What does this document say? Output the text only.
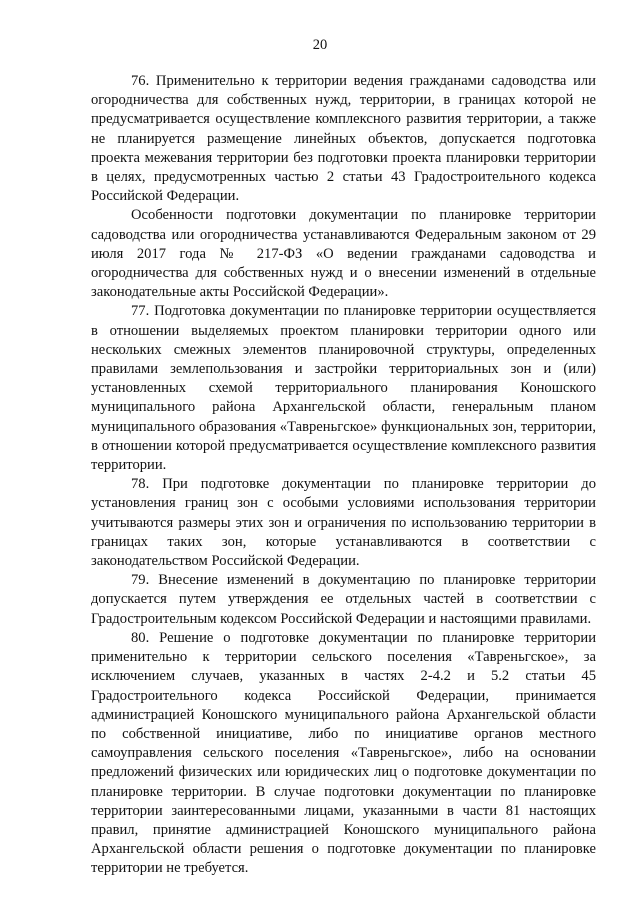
20

76. Применительно к территории ведения гражданами садоводства или огородничества для собственных нужд, территории, в границах которой не предусматривается осуществление комплексного развития территории, а также не планируется размещение линейных объектов, допускается подготовка проекта межевания территории без подготовки проекта планировки территории в целях, предусмотренных частью 2 статьи 43 Градостроительного кодекса Российской Федерации.

Особенности подготовки документации по планировке территории садоводства или огородничества устанавливаются Федеральным законом от 29 июля 2017 года № 217-ФЗ «О ведении гражданами садоводства и огородничества для собственных нужд и о внесении изменений в отдельные законодательные акты Российской Федерации».

77. Подготовка документации по планировке территории осуществляется в отношении выделяемых проектом планировки территории одного или нескольких смежных элементов планировочной структуры, определенных правилами землепользования и застройки территориальных зон и (или) установленных схемой территориального планирования Коношского муниципального района Архангельской области, генеральным планом муниципального образования «Тавреньгское» функциональных зон, территории, в отношении которой предусматривается осуществление комплексного развития территории.

78. При подготовке документации по планировке территории до установления границ зон с особыми условиями использования территории учитываются размеры этих зон и ограничения по использованию территории в границах таких зон, которые устанавливаются в соответствии с законодательством Российской Федерации.

79. Внесение изменений в документацию по планировке территории допускается путем утверждения ее отдельных частей в соответствии с Градостроительным кодексом Российской Федерации и настоящими правилами.

80. Решение о подготовке документации по планировке территории применительно к территории сельского поселения «Тавреньгское», за исключением случаев, указанных в частях 2-4.2 и 5.2 статьи 45 Градостроительного кодекса Российской Федерации, принимается администрацией Коношского муниципального района Архангельской области по собственной инициативе, либо по инициативе органов местного самоуправления сельского поселения «Тавреньгское», либо на основании предложений физических или юридических лиц о подготовке документации по планировке территории. В случае подготовки документации по планировке территории заинтересованными лицами, указанными в части 81 настоящих правил, принятие администрацией Коношского муниципального района Архангельской области решения о подготовке документации по планировке территории не требуется.
